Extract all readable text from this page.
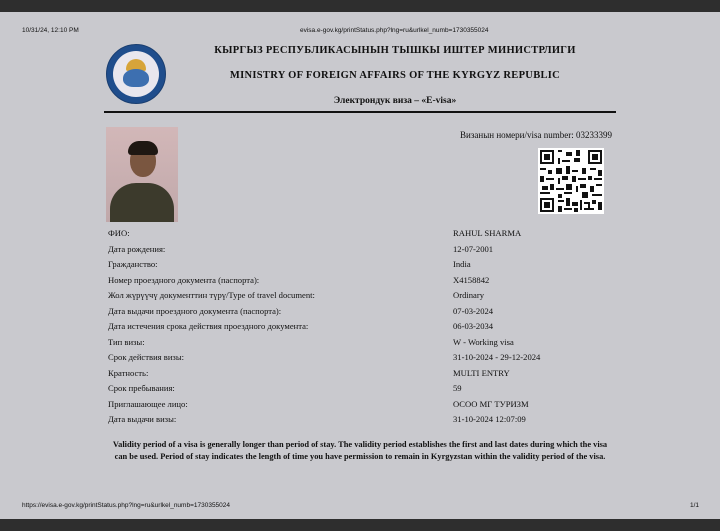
10/31/24, 12:10 PM	evisa.e-gov.kg/printStatus.php?lng=ru&urlkel_numb=1730355024
КЫРГЫЗ РЕСПУБЛИКАСЫНЫН ТЫШКЫ ИШТЕР МИНИСТРЛИГИ
MINISTRY OF FOREIGN AFFAIRS OF THE KYRGYZ REPUBLIC
Электрондук виза – «E-visa»
Визанын номери/visa number: 03233399
ФИО:	RAHUL SHARMA
Дата рождения:	12-07-2001
Гражданство:	India
Номер проездного документа (паспорта):	X4158842
Жол жүрүүчү документтин түрү/Type of travel document:	Ordinary
Дата выдачи проездного документа (паспорта):	07-03-2024
Дата истечения срока действия проездного документа:	06-03-2034
Тип визы:	W - Working visa
Срок действия визы:	31-10-2024 - 29-12-2024
Кратность:	MULTI ENTRY
Срок пребывания:	59
Приглашающее лицо:	ОСОО МГ ТУРИЗМ
Дата выдачи визы:	31-10-2024 12:07:09
Validity period of a visa is generally longer than period of stay. The validity period establishes the first and last dates during which the visa can be used. Period of stay indicates the length of time you have permission to remain in Kyrgyzstan within the validity period of the visa.
https://evisa.e-gov.kg/printStatus.php?lng=ru&urlkel_numb=1730355024	1/1
